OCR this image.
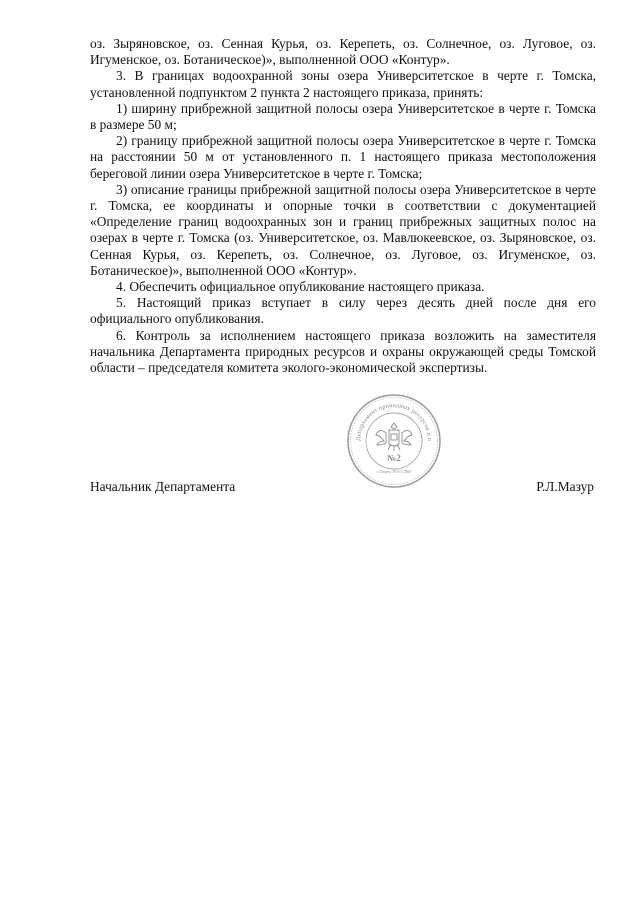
оз. Зыряновское, оз. Сенная Курья, оз. Керепеть, оз. Солнечное, оз. Луговое, оз. Игуменское, оз. Ботаническое)», выполненной ООО «Контур».

3. В границах водоохранной зоны озера Университетское в черте г. Томска, установленной подпунктом 2 пункта 2 настоящего приказа, принять:

1) ширину прибрежной защитной полосы озера Университетское в черте г. Томска в размере 50 м;

2) границу прибрежной защитной полосы озера Университетское в черте г. Томска на расстоянии 50 м от установленного п. 1 настоящего приказа местоположения береговой линии озера Университетское в черте г. Томска;

3) описание границы прибрежной защитной полосы озера Университетское в черте г. Томска, ее координаты и опорные точки в соответствии с документацией «Определение границ водоохранных зон и границ прибрежных защитных полос на озерах в черте г. Томска (оз. Университетское, оз. Мавлюкеевское, оз. Зыряновское, оз. Сенная Курья, оз. Керепеть, оз. Солнечное, оз. Луговое, оз. Игуменское, оз. Ботаническое)», выполненной ООО «Контур».

4. Обеспечить официальное опубликование настоящего приказа.

5. Настоящий приказ вступает в силу через десять дней после дня его официального опубликования.

6. Контроль за исполнением настоящего приказа возложить на заместителя начальника Департамента природных ресурсов и охраны окружающей среды Томской области – председателя комитета эколого-экономической экспертизы.

Департамент природных ресурсов и о
№2
г.Томск РОССИЯ
Начальник Департамента	Р.Л.Мазур
